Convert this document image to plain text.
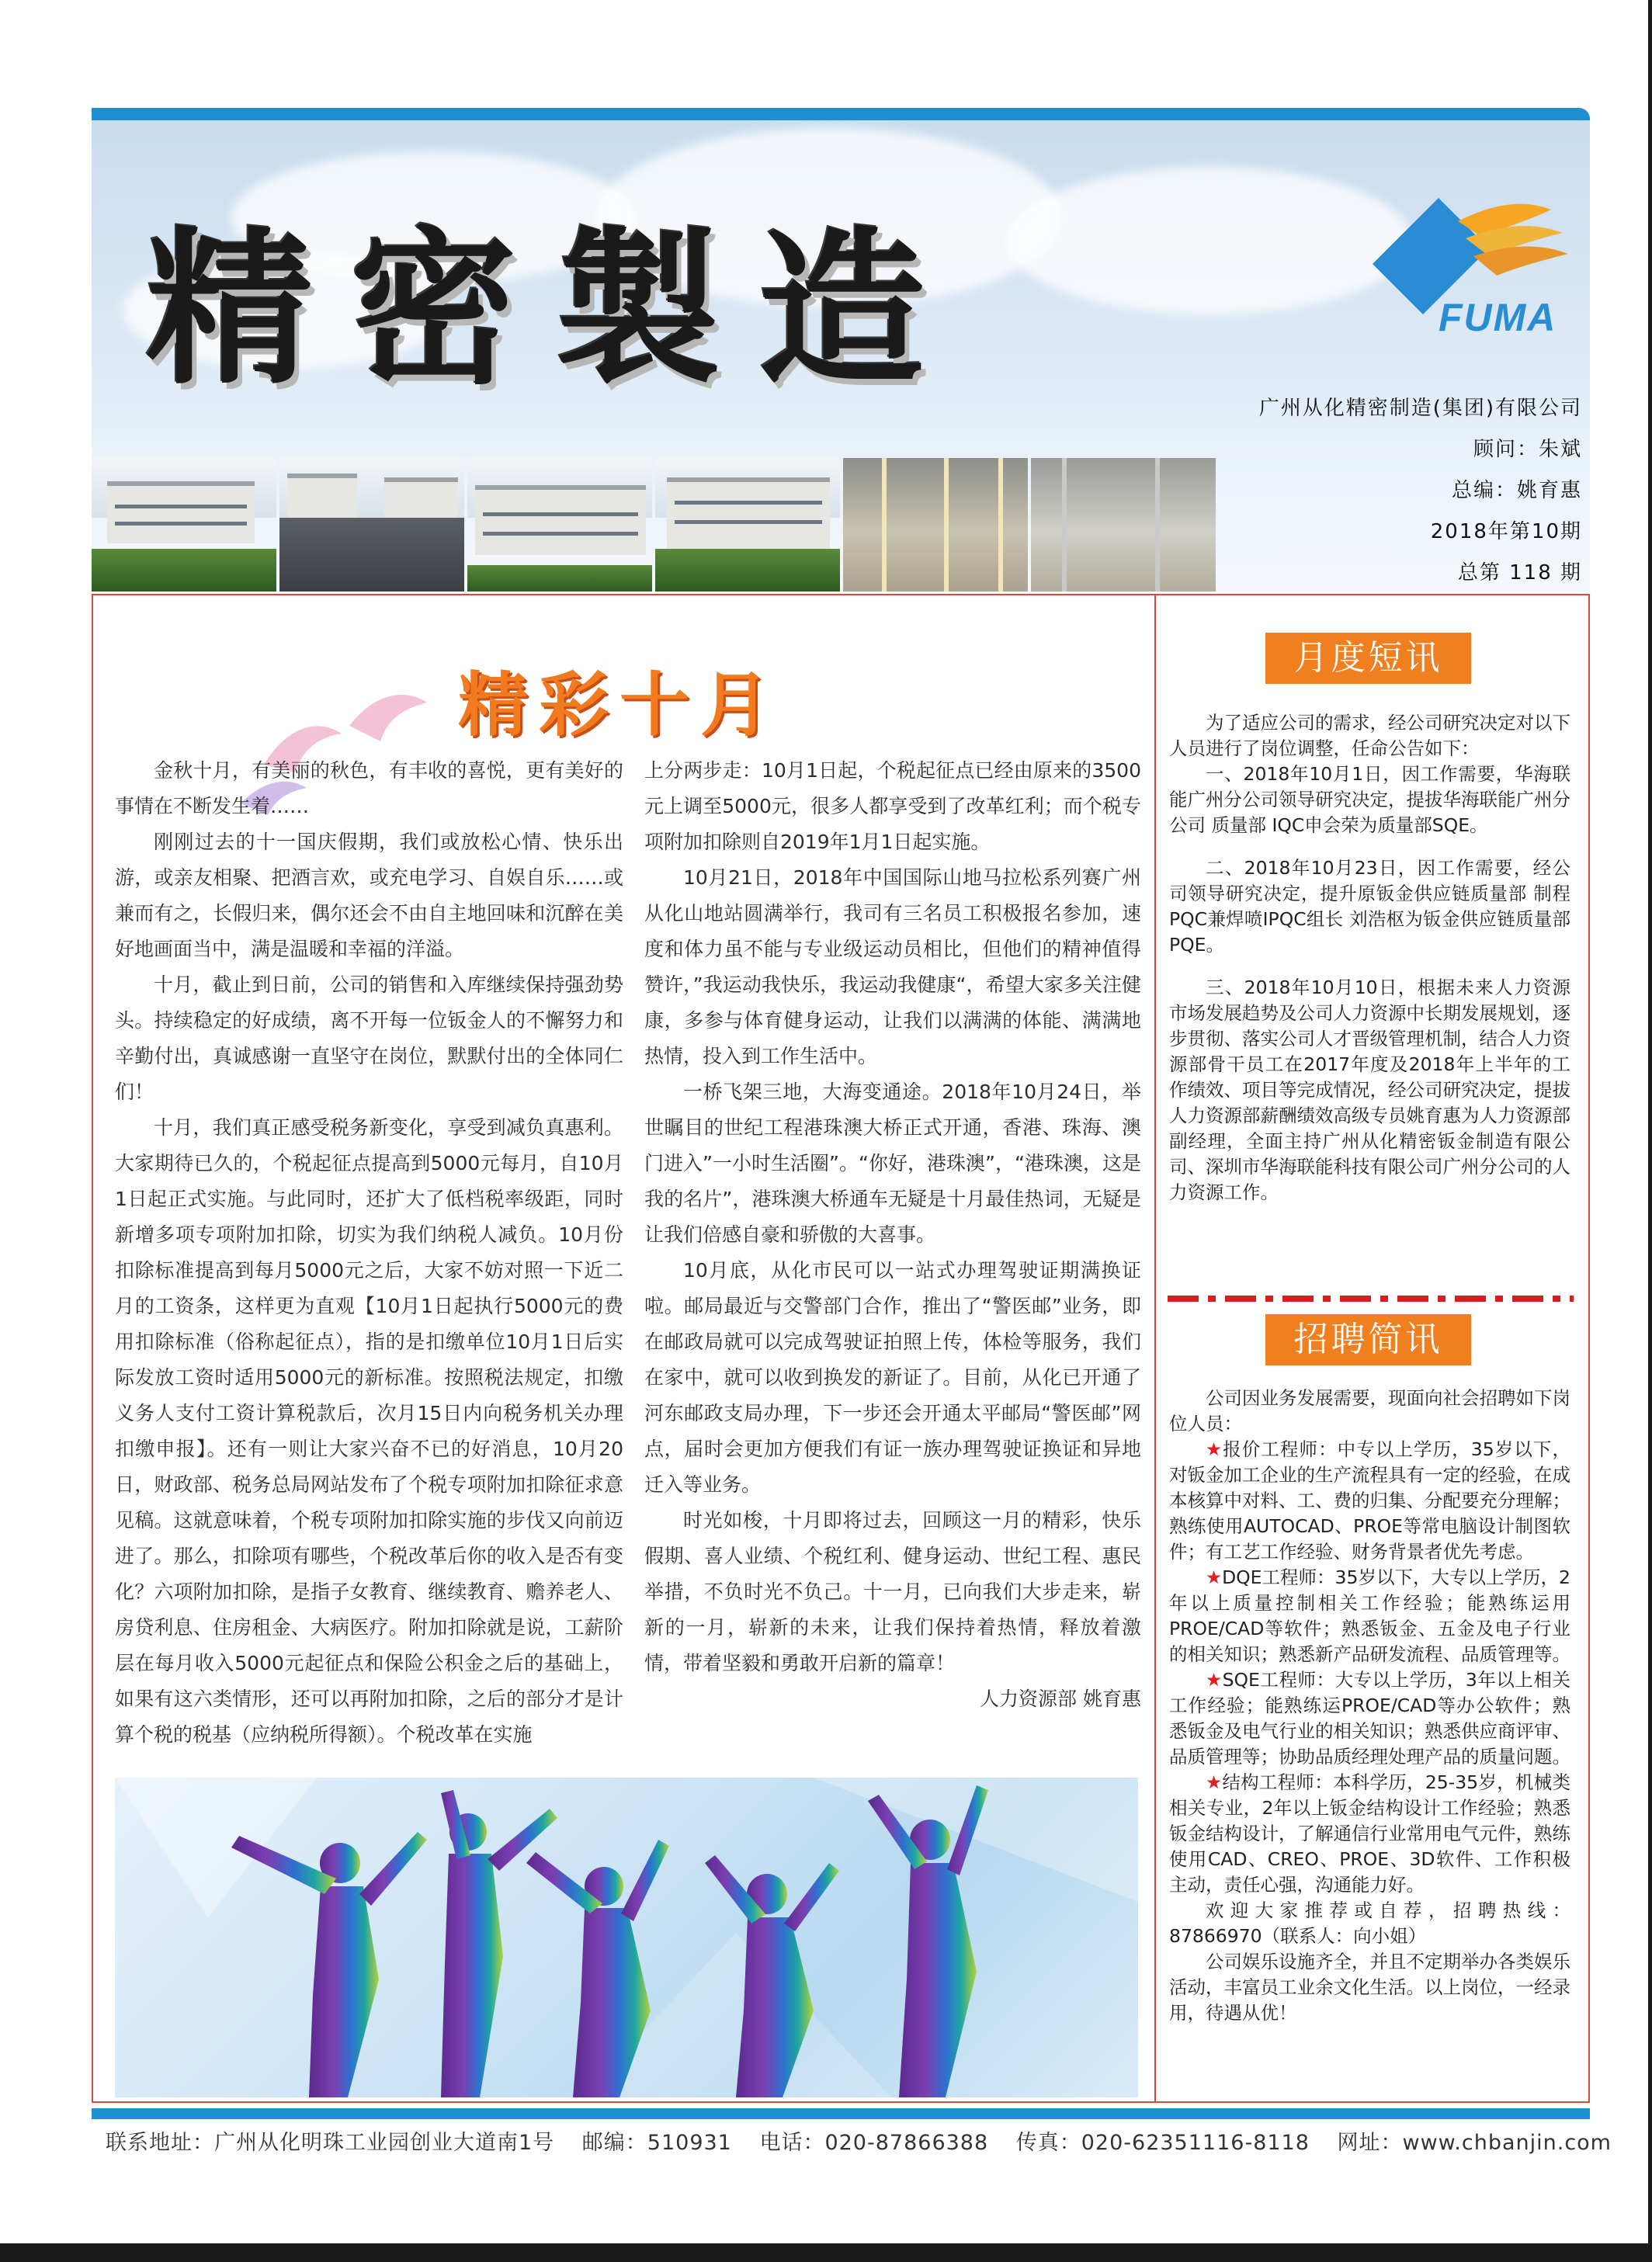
精密製造	FUMA
广州从化精密制造(集团)有限公司
顾问：朱斌
总编：姚育惠
2018年第10期
总第 118 期
精彩十月

金秋十月，有美丽的秋色，有丰收的喜悦，更有美好的事情在不断发生着……

刚刚过去的十一国庆假期，我们或放松心情、快乐出游，或亲友相聚、把酒言欢，或充电学习、自娱自乐……或兼而有之，长假归来，偶尔还会不由自主地回味和沉醉在美好地画面当中，满是温暖和幸福的洋溢。

十月，截止到日前，公司的销售和入库继续保持强劲势头。持续稳定的好成绩，离不开每一位钣金人的不懈努力和辛勤付出，真诚感谢一直坚守在岗位，默默付出的全体同仁们！

十月，我们真正感受税务新变化，享受到减负真惠利。大家期待已久的，个税起征点提高到5000元每月，自10月1日起正式实施。与此同时，还扩大了低档税率级距，同时新增多项专项附加扣除，切实为我们纳税人减负。10月份扣除标准提高到每月5000元之后，大家不妨对照一下近二月的工资条，这样更为直观【10月1日起执行5000元的费用扣除标准（俗称起征点），指的是扣缴单位10月1日后实际发放工资时适用5000元的新标准。按照税法规定，扣缴义务人支付工资计算税款后，次月15日内向税务机关办理扣缴申报】。还有一则让大家兴奋不已的好消息，10月20日，财政部、税务总局网站发布了个税专项附加扣除征求意见稿。这就意味着，个税专项附加扣除实施的步伐又向前迈进了。那么，扣除项有哪些，个税改革后你的收入是否有变化？六项附加扣除，是指子女教育、继续教育、赡养老人、房贷利息、住房租金、大病医疗。附加扣除就是说，工薪阶层在每月收入5000元起征点和保险公积金之后的基础上，如果有这六类情形，还可以再附加扣除，之后的部分才是计算个税的税基（应纳税所得额）。个税改革在实施

上分两步走：10月1日起，个税起征点已经由原来的3500元上调至5000元，很多人都享受到了改革红利；而个税专项附加扣除则自2019年1月1日起实施。

10月21日，2018年中国国际山地马拉松系列赛广州从化山地站圆满举行，我司有三名员工积极报名参加，速度和体力虽不能与专业级运动员相比，但他们的精神值得赞许，”我运动我快乐，我运动我健康“，希望大家多关注健康，多参与体育健身运动，让我们以满满的体能、满满地热情，投入到工作生活中。

一桥飞架三地，大海变通途。2018年10月24日，举世瞩目的世纪工程港珠澳大桥正式开通，香港、珠海、澳门进入”一小时生活圈”。“你好，港珠澳”，“港珠澳，这是我的名片”，港珠澳大桥通车无疑是十月最佳热词，无疑是让我们倍感自豪和骄傲的大喜事。

10月底，从化市民可以一站式办理驾驶证期满换证啦。邮局最近与交警部门合作，推出了“警医邮”业务，即在邮政局就可以完成驾驶证拍照上传，体检等服务，我们在家中，就可以收到换发的新证了。目前，从化已开通了河东邮政支局办理，下一步还会开通太平邮局“警医邮”网点，届时会更加方便我们有证一族办理驾驶证换证和异地迁入等业务。

时光如梭，十月即将过去，回顾这一月的精彩，快乐假期、喜人业绩、个税红利、健身运动、世纪工程、惠民举措，不负时光不负己。十一月，已向我们大步走来，崭新的一月，崭新的未来，让我们保持着热情，释放着激情，带着坚毅和勇敢开启新的篇章！

人力资源部 姚育惠
月度短讯

为了适应公司的需求，经公司研究决定对以下人员进行了岗位调整，任命公告如下：

一、2018年10月1日，因工作需要，华海联能广州分公司领导研究决定，提拔华海联能广州分公司 质量部 IQC申会荣为质量部SQE。

二、2018年10月23日，因工作需要，经公司领导研究决定，提升原钣金供应链质量部 制程PQC兼焊喷IPQC组长 刘浩枢为钣金供应链质量部PQE。

三、2018年10月10日，根据未来人力资源市场发展趋势及公司人力资源中长期发展规划，逐步贯彻、落实公司人才晋级管理机制，结合人力资源部骨干员工在2017年度及2018年上半年的工作绩效、项目等完成情况，经公司研究决定，提拔人力资源部薪酬绩效高级专员姚育惠为人力资源部副经理，全面主持广州从化精密钣金制造有限公司、深圳市华海联能科技有限公司广州分公司的人力资源工作。

招聘简讯

公司因业务发展需要，现面向社会招聘如下岗位人员：

★报价工程师：中专以上学历，35岁以下，对钣金加工企业的生产流程具有一定的经验，在成本核算中对料、工、费的归集、分配要充分理解；熟练使用AUTOCAD、PROE等常电脑设计制图软件；有工艺工作经验、财务背景者优先考虑。

★DQE工程师：35岁以下，大专以上学历，2年以上质量控制相关工作经验；能熟练运用PROE/CAD等软件；熟悉钣金、五金及电子行业的相关知识；熟悉新产品研发流程、品质管理等。

★SQE工程师：大专以上学历，3年以上相关工作经验；能熟练运PROE/CAD等办公软件；熟悉钣金及电气行业的相关知识；熟悉供应商评审、品质管理等；协助品质经理处理产品的质量问题。

★结构工程师：本科学历，25-35岁，机械类相关专业，2年以上钣金结构设计工作经验；熟悉钣金结构设计，了解通信行业常用电气元件，熟练使用CAD、CREO、PROE、3D软件、工作积极主动，责任心强，沟通能力好。

欢迎大家推荐或自荐，招聘热线：87866970（联系人：向小姐）

公司娱乐设施齐全，并且不定期举办各类娱乐活动，丰富员工业余文化生活。以上岗位，一经录用，待遇从优！

联系地址：广州从化明珠工业园创业大道南1号 邮编：510931 电话：020-87866388 传真：020-62351116-8118 网址：www.chbanjin.com
